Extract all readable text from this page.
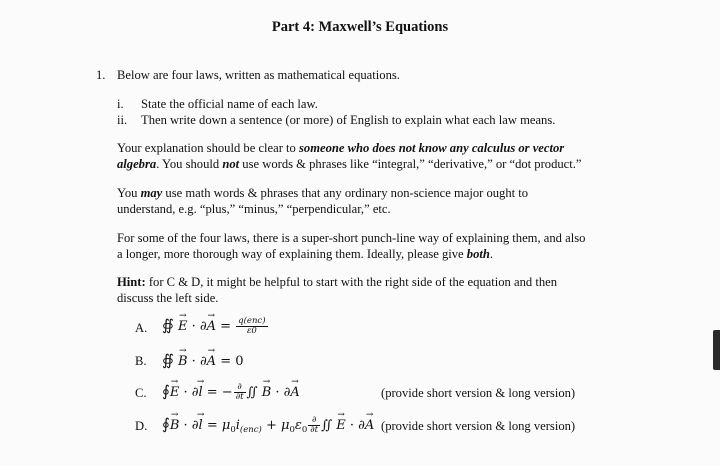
Part 4: Maxwell’s Equations
1. Below are four laws, written as mathematical equations.
i. State the official name of each law.
ii. Then write down a sentence (or more) of English to explain what each law means.
Your explanation should be clear to someone who does not know any calculus or vector
algebra. You should not use words & phrases like “integral,” “derivative,” or “dot product.”
You may use math words & phrases that any ordinary non-science major ought to
understand, e.g. “plus,” “minus,” “perpendicular,” etc.
For some of the four laws, there is a super-short punch-line way of explaining them, and also
a longer, more thorough way of explaining them. Ideally, please give both.
Hint: for C & D, it might be helpful to start with the right side of the equation and then
discuss the left side.
A. ∯ E → · ∂A → = $\frac{\text{q(enc)}}{\varepsilon 0}$
B. ∯ B → · ∂A → = 0
C. ∮E → · ∂l → = − $\frac{\partial}{\partial t}$ ∬ B → · ∂A →	(provide short version & long version)
D. ∮B → · ∂l → = $\mu_0i_{(enc)} + \mu_0\varepsilon_0 \frac{\partial}{\partial t}$ ∬ E → · ∂A → (provide short version & long version)
